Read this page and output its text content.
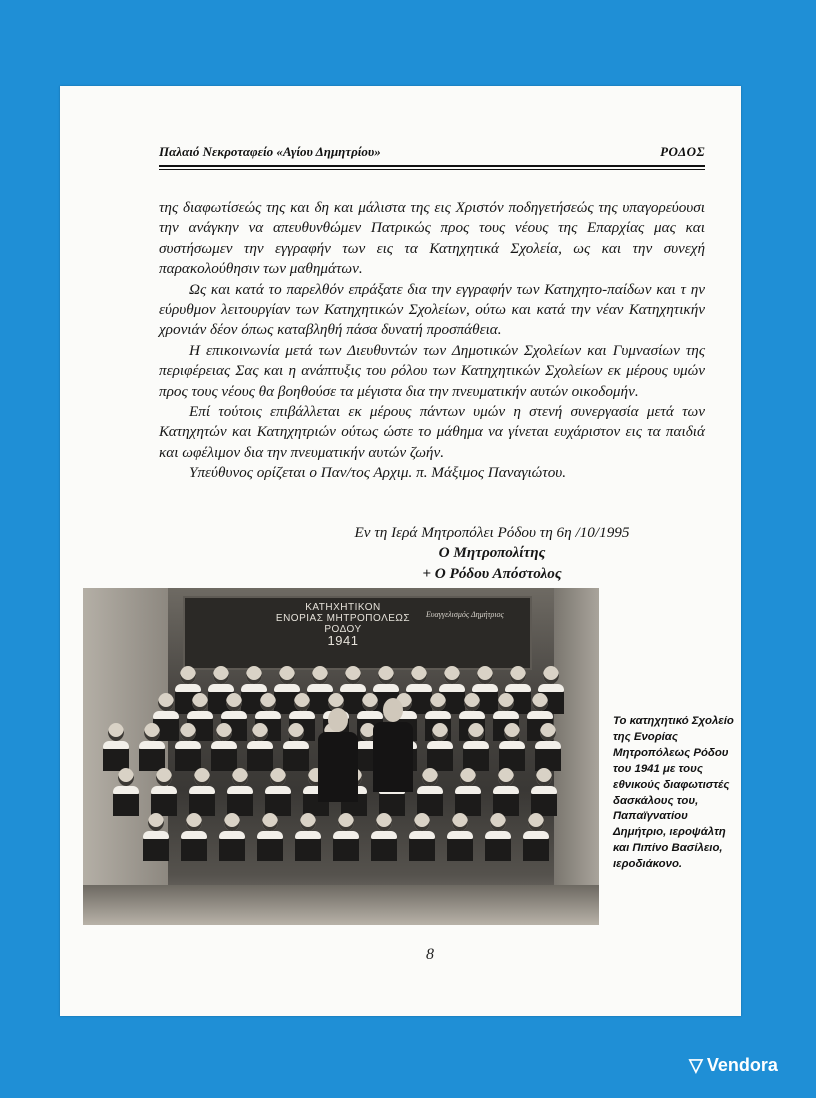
Παλαιό Νεκροταφείο «Αγίου Δημητρίου»	ΡΟΔΟΣ

της διαφωτίσεώς της και δη και μάλιστα της εις Χριστόν ποδηγετήσεώς της υπαγορεύουσι την ανάγκην να απευθυνθώμεν Πατρικώς προς τους νέους της Επαρχίας μας και συστήσωμεν την εγγραφήν των εις τα Κατηχητικά Σχολεία, ως και την συνεχή παρακολούθησιν των μαθημάτων.

Ως και κατά το παρελθόν επράξατε δια την εγγραφήν των Κατηχητο-παίδων και τ ην εύρυθμον λειτουργίαν των Κατηχητικών Σχολείων, ούτω και κατά την νέαν Κατηχητικήν χρονιάν δέον όπως καταβληθή πάσα δυνατή προσπάθεια.

Η επικοινωνία μετά των Διευθυντών των Δημοτικών Σχολείων και Γυμνασίων της περιφέρειας Σας και η ανάπτυξις του ρόλου των Κατηχητικών Σχολείων εκ μέρους υμών προς τους νέους θα βοηθούσε τα μέγιστα δια την πνευματικήν αυτών οικοδομήν.

Επί τούτοις επιβάλλεται εκ μέρους πάντων υμών η στενή συνεργασία μετά των Κατηχητών και Κατηχητριών ούτως ώστε το μάθημα να γίνεται ευχάριστον εις τα παιδιά και ωφέλιμον δια την πνευματικήν αυτών ζωήν.

Υπεύθυνος ορίζεται ο Παν/τος Αρχιμ. π. Μάξιμος Παναγιώτου.

Εν τη Ιερά Μητροπόλει Ρόδου τη 6η /10/1995
Ο Μητροπολίτης
+ Ο Ρόδου Απόστολος
ΚΑΤΗΧΗΤΙΚΟΝ
ΕΝΟΡΙΑΣ ΜΗΤΡΟΠΟΛΕΩΣ
ΡΟΔΟΥ
1941
Ευαγγελισμός Δημήτριος
Το κατηχητικό Σχολείο της Ενορίας Μητροπόλεως Ρόδου του 1941 με τους εθνικούς διαφωτιστές δασκάλους του, Παπαϊγνατίου Δημήτριο, ιεροψάλτη και Πιπίνο Βασίλειο, ιεροδιάκονο.
8
▽ Vendora
